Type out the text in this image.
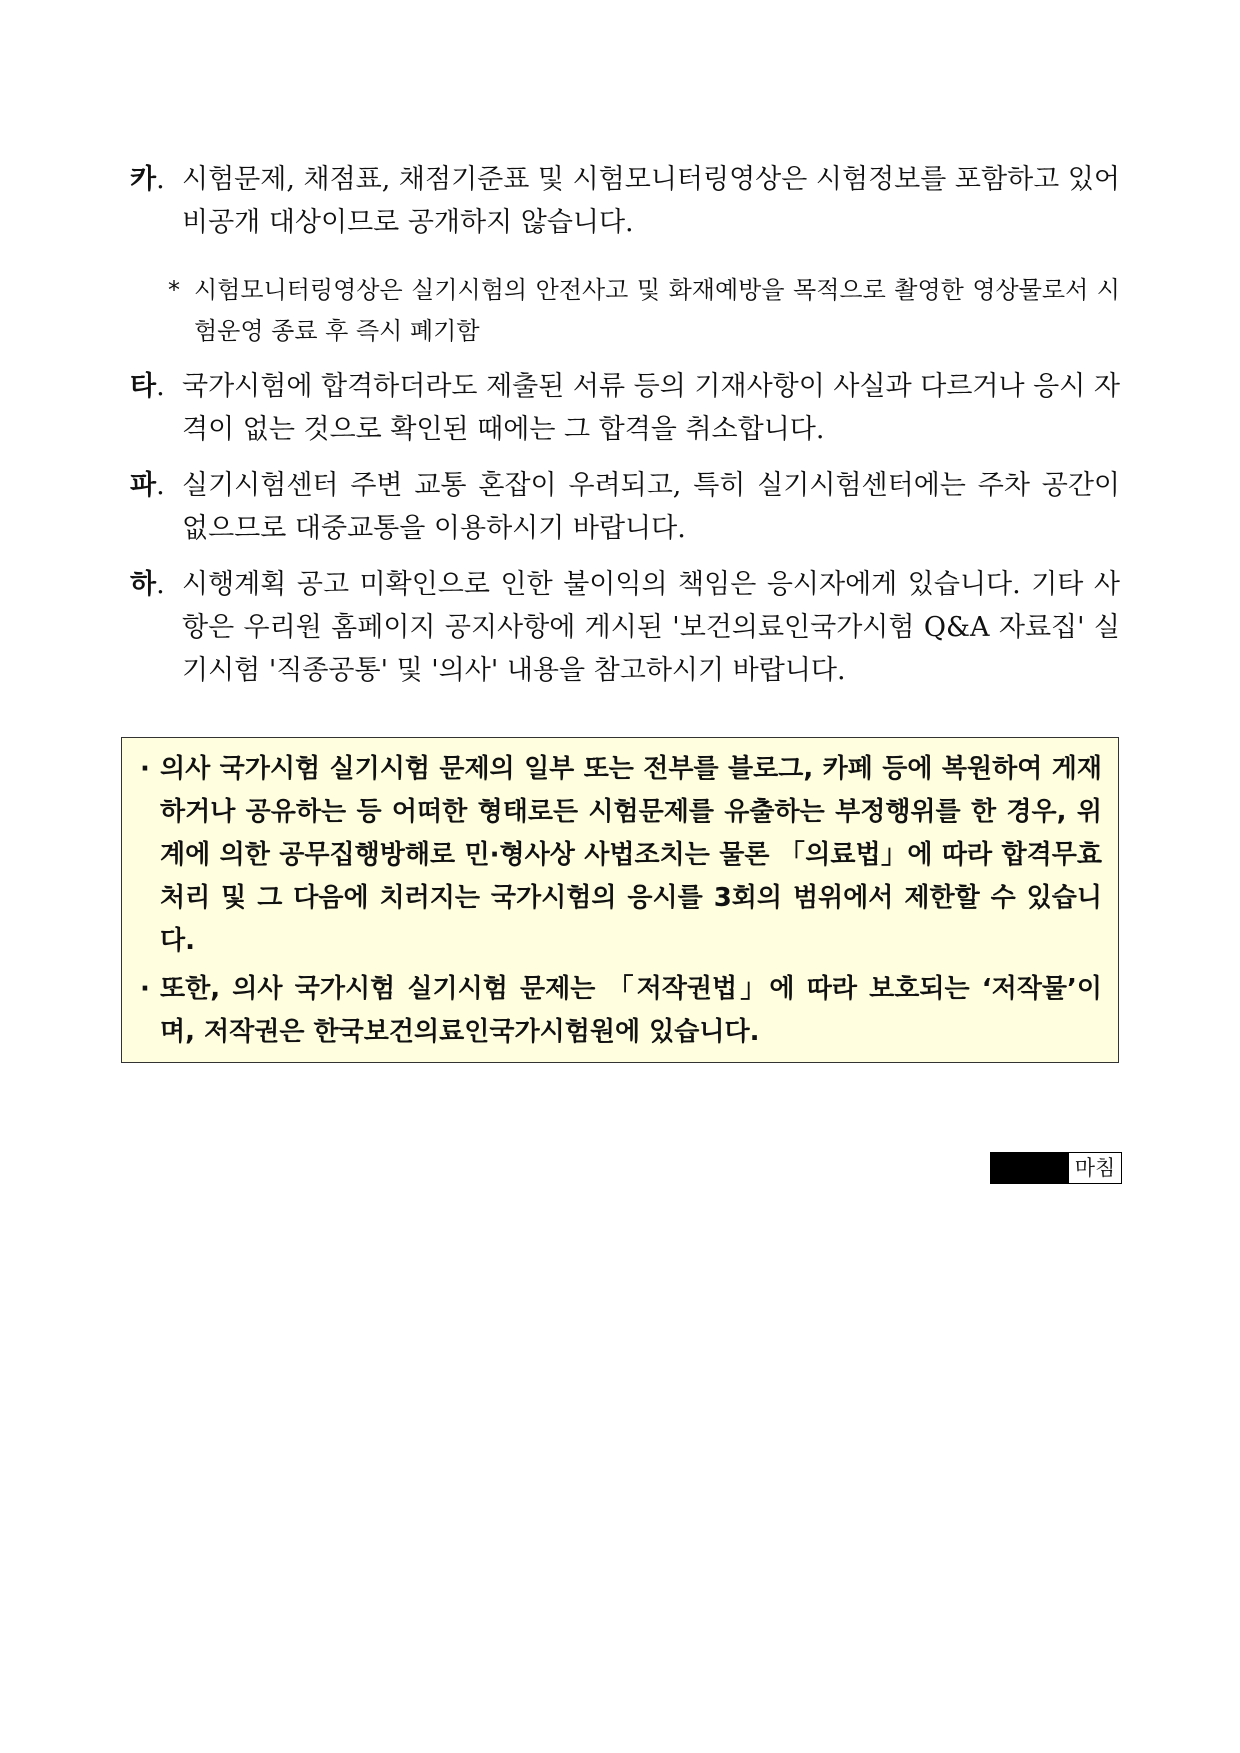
카. 시험문제, 채점표, 채점기준표 및 시험모니터링영상은 시험정보를 포함하고 있어 비공개 대상이므로 공개하지 않습니다.
* 시험모니터링영상은 실기시험의 안전사고 및 화재예방을 목적으로 촬영한 영상물로서 시험운영 종료 후 즉시 폐기함
타. 국가시험에 합격하더라도 제출된 서류 등의 기재사항이 사실과 다르거나 응시 자격이 없는 것으로 확인된 때에는 그 합격을 취소합니다.
파. 실기시험센터 주변 교통 혼잡이 우려되고, 특히 실기시험센터에는 주차 공간이 없으므로 대중교통을 이용하시기 바랍니다.
하. 시행계획 공고 미확인으로 인한 불이익의 책임은 응시자에게 있습니다. 기타 사항은 우리원 홈페이지 공지사항에 게시된 '보건의료인국가시험 Q&A 자료집' 실기시험 '직종공통' 및 '의사' 내용을 참고하시기 바랍니다.
· 의사 국가시험 실기시험 문제의 일부 또는 전부를 블로그, 카페 등에 복원하여 게재하거나 공유하는 등 어떠한 형태로든 시험문제를 유출하는 부정행위를 한 경우, 위계에 의한 공무집행방해로 민·형사상 사법조치는 물론 「의료법」에 따라 합격무효 처리 및 그 다음에 치러지는 국가시험의 응시를 3회의 범위에서 제한할 수 있습니다.
· 또한, 의사 국가시험 실기시험 문제는 「저작권법」에 따라 보호되는 ‘저작물’이며, 저작권은 한국보건의료인국가시험원에 있습니다.
마침
